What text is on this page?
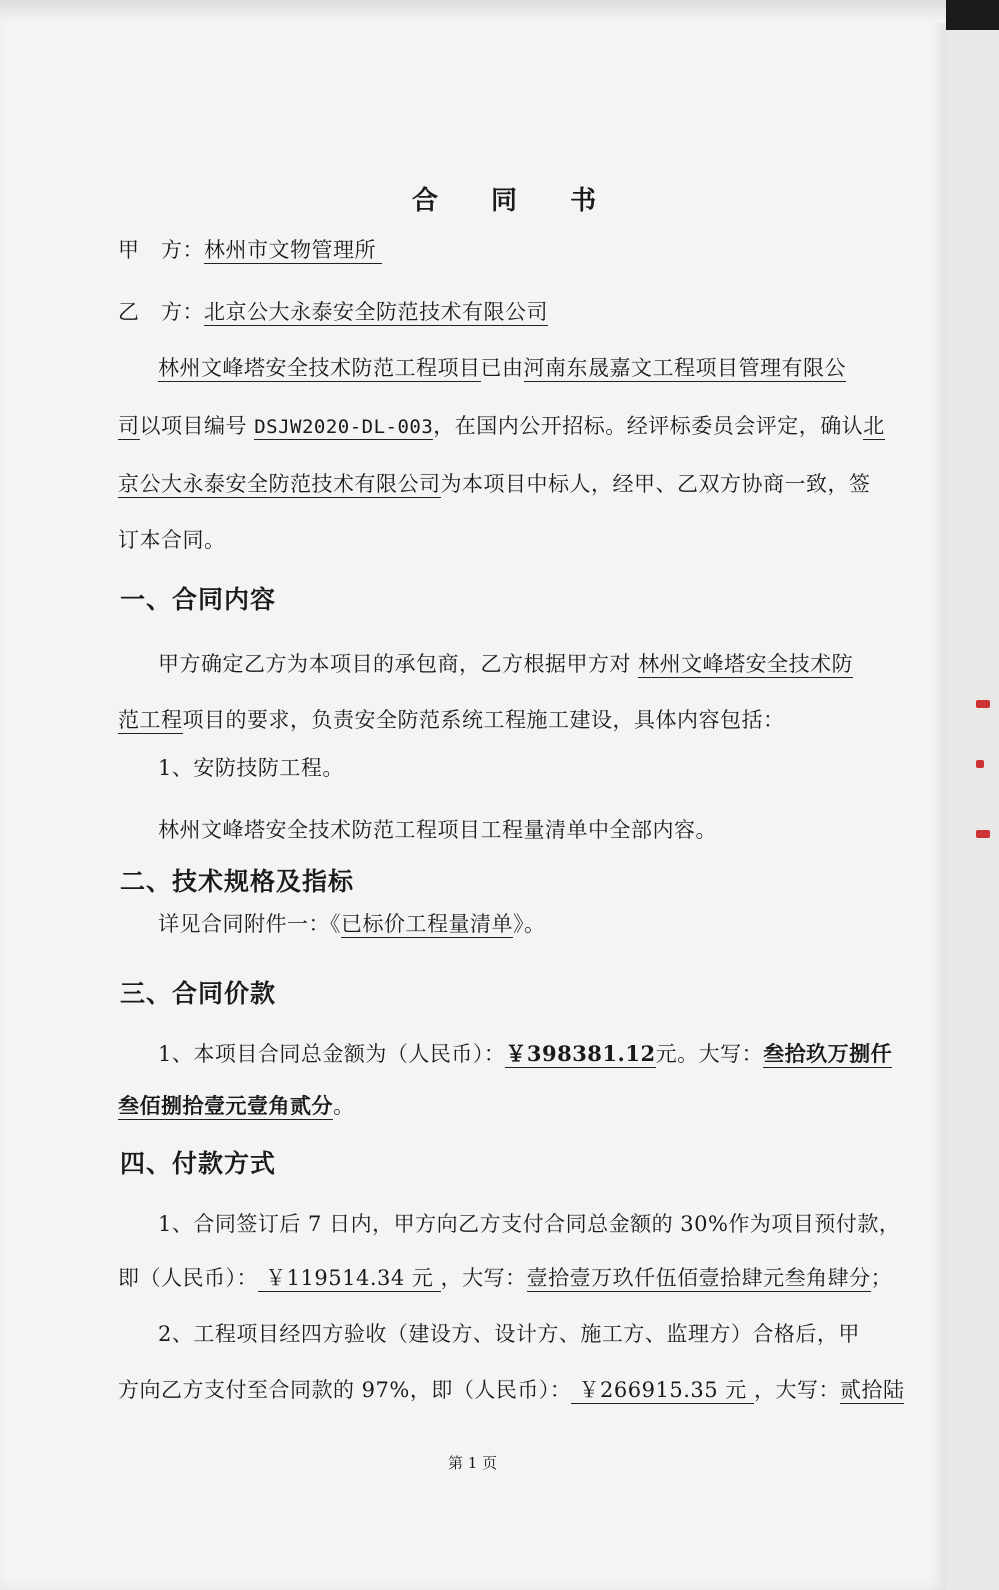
合 同 书
甲   方：林州市文物管理所
乙   方：北京公大永泰安全防范技术有限公司
林州文峰塔安全技术防范工程项目已由河南东晟嘉文工程项目管理有限公
司以项目编号 DSJW2020-DL-003，在国内公开招标。经评标委员会评定，确认北
京公大永泰安全防范技术有限公司为本项目中标人，经甲、乙双方协商一致，签
订本合同。
一、合同内容
甲方确定乙方为本项目的承包商，乙方根据甲方对 林州文峰塔安全技术防
范工程项目的要求，负责安全防范系统工程施工建设，具体内容包括：
1、安防技防工程。
林州文峰塔安全技术防范工程项目工程量清单中全部内容。
二、技术规格及指标
详见合同附件一：《已标价工程量清单》。
三、合同价款
1、本项目合同总金额为（人民币）：￥398381.12元。大写：叁拾玖万捌仟
叁佰捌拾壹元壹角贰分。
四、付款方式
1、合同签订后 7 日内，甲方向乙方支付合同总金额的 30%作为项目预付款，
即（人民币）： ￥119514.34 元 ，大写：壹拾壹万玖仟伍佰壹拾肆元叁角肆分；
2、工程项目经四方验收（建设方、设计方、施工方、监理方）合格后，甲
方向乙方支付至合同款的 97%，即（人民币）： ￥266915.35 元 ，大写：贰拾陆
第 1 页
